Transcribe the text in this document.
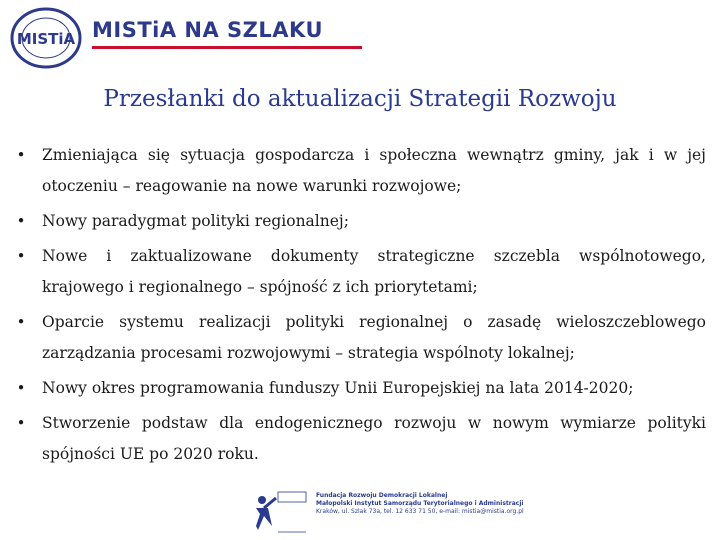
MISTiA MISTiA NA SZLAKU
Przesłanki do aktualizacji Strategii Rozwoju
• Zmieniająca się sytuacja gospodarcza i społeczna wewnątrz gminy, jak i w jej otoczeniu – reagowanie na nowe warunki rozwojowe;
• Nowy paradygmat polityki regionalnej;
• Nowe i zaktualizowane dokumenty strategiczne szczebla wspólnotowego, krajowego i regionalnego – spójność z ich priorytetami;
• Oparcie systemu realizacji polityki regionalnej o zasadę wieloszczeblowego zarządzania procesami rozwojowymi – strategia wspólnoty lokalnej;
• Nowy okres programowania funduszy Unii Europejskiej na lata 2014-2020;
• Stworzenie podstaw dla endogenicznego rozwoju w nowym wymiarze polityki spójności UE po 2020 roku.
Fundacja Rozwoju Demokracji Lokalnej
Małopolski Instytut Samorządu Terytorialnego i Administracji
Kraków, ul. Szlak 73a, tel. 12 633 71 50, e-mail: mistia@mistia.org.pl
